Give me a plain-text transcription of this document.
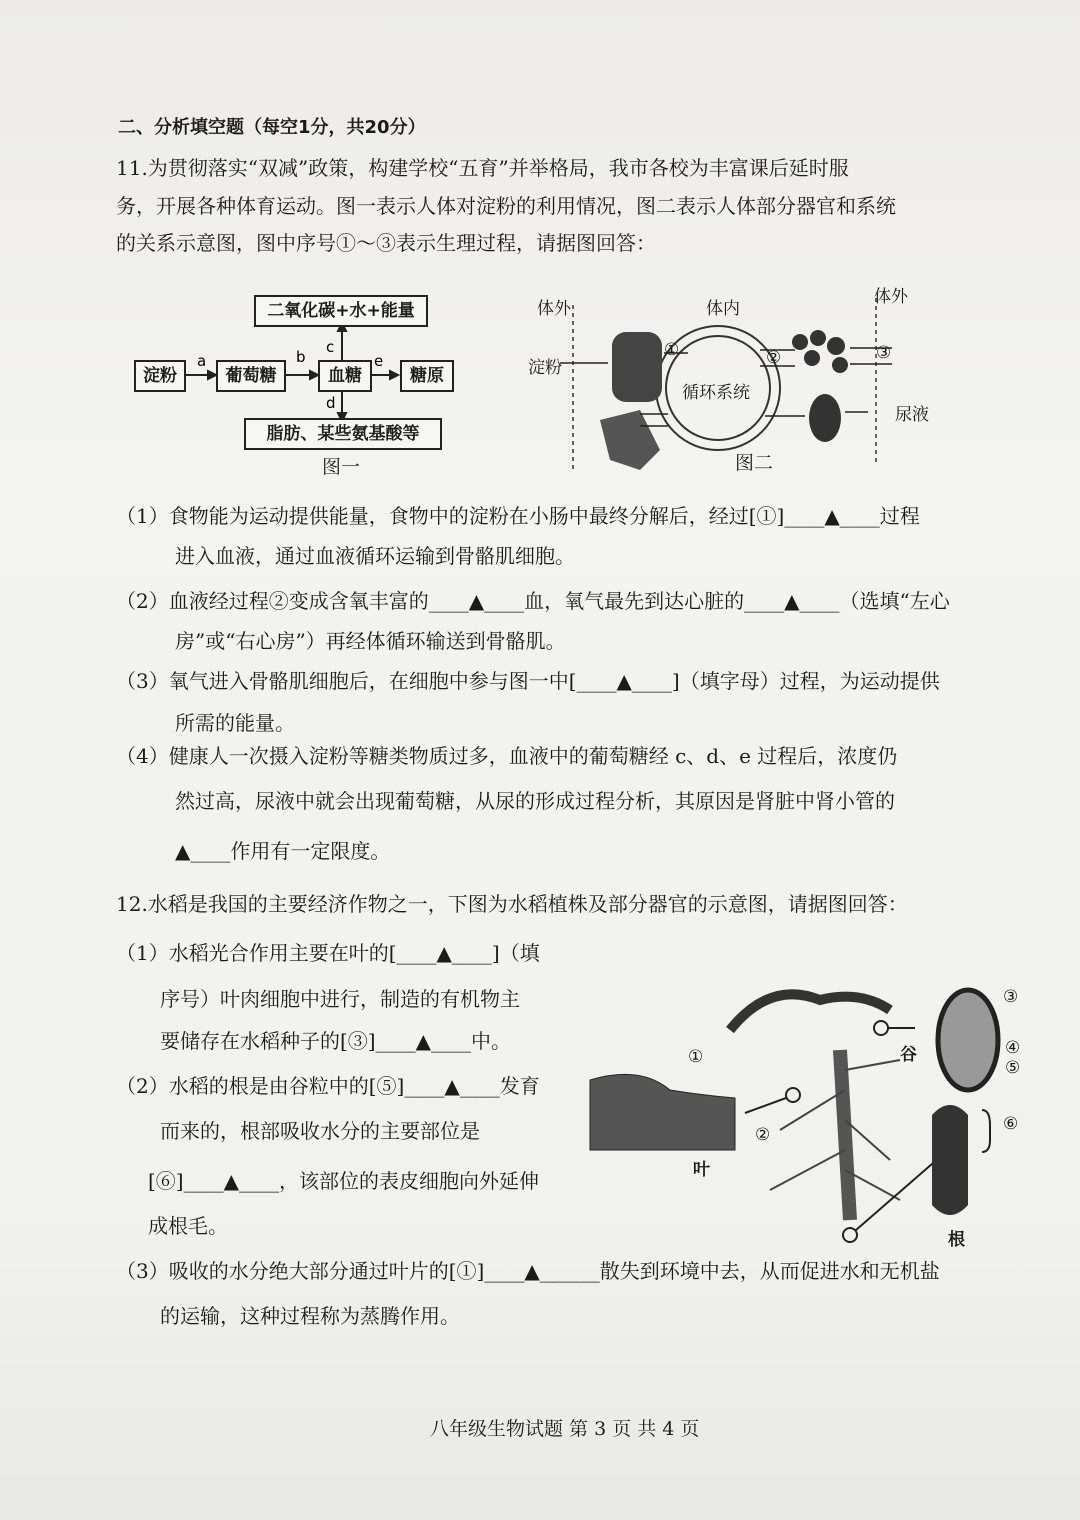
二、分析填空题（每空1分，共20分）
11.为贯彻落实“双减”政策，构建学校“五育”并举格局，我市各校为丰富课后延时服
务，开展各种体育运动。图一表示人体对淀粉的利用情况，图二表示人体部分器官和系统
的关系示意图，图中序号①～③表示生理过程，请据图回答：
a	b
c
d
e
淀粉	葡萄糖	血糖	糖原
二氧化碳+水+能量
脂肪、某些氨基酸等
图一
体外	体内
体外
淀粉
循环系统
尿液
①	②	③
图二
（1）食物能为运动提供能量，食物中的淀粉在小肠中最终分解后，经过[①]____▲____过程
进入血液，通过血液循环运输到骨骼肌细胞。
（2）血液经过程②变成含氧丰富的____▲____血，氧气最先到达心脏的____▲____（选填“左心
房”或“右心房”）再经体循环输送到骨骼肌。
（3）氧气进入骨骼肌细胞后，在细胞中参与图一中[____▲____]（填字母）过程，为运动提供
所需的能量。
（4）健康人一次摄入淀粉等糖类物质过多，血液中的葡萄糖经 c、d、e 过程后，浓度仍
然过高，尿液中就会出现葡萄糖，从尿的形成过程分析，其原因是肾脏中肾小管的
▲____作用有一定限度。
12.水稻是我国的主要经济作物之一，下图为水稻植株及部分器官的示意图，请据图回答：
（1）水稻光合作用主要在叶的[____▲____]（填
序号）叶肉细胞中进行，制造的有机物主
要储存在水稻种子的[③]____▲____中。
（2）水稻的根是由谷粒中的[⑤]____▲____发育
而来的，根部吸收水分的主要部位是
[⑥]____▲____，该部位的表皮细胞向外延伸
成根毛。
（3）吸收的水分绝大部分通过叶片的[①]____▲______散失到环境中去，从而促进水和无机盐
的运输，这种过程称为蒸腾作用。
①
②
③
④
⑤
⑥
叶
谷
根
八年级生物试题 第 3 页 共 4 页
